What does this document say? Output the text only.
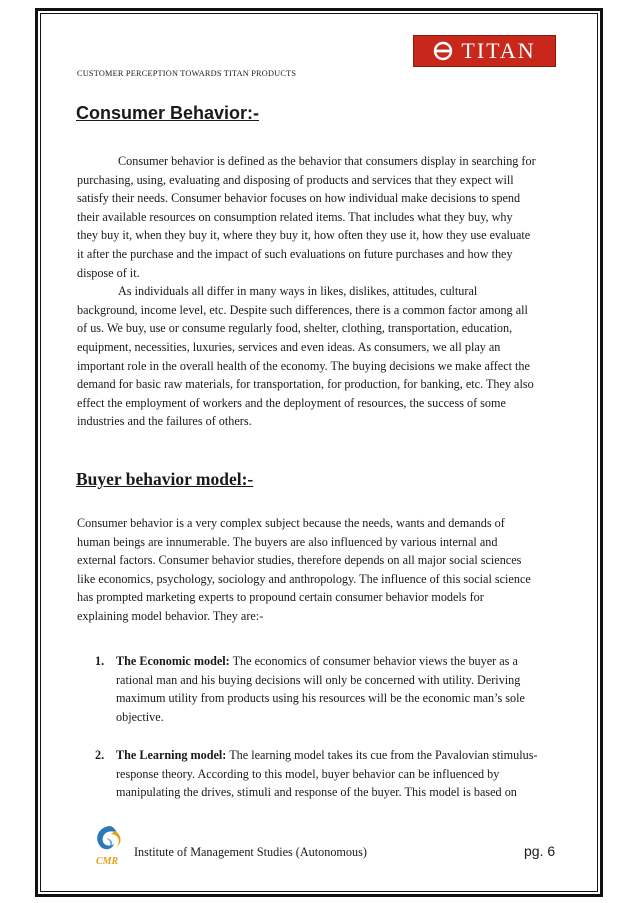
TITAN
CUSTOMER PERCEPTION TOWARDS TITAN PRODUCTS
Consumer Behavior:-
Consumer behavior is defined as the behavior that consumers display in searching for
purchasing, using, evaluating and disposing of products and services that they expect will
satisfy their needs. Consumer behavior focuses on how individual make decisions to spend
their available resources on consumption related items. That includes what they buy, why
they buy it, when they buy it, where they buy it, how often they use it, how they use evaluate
it after the purchase and the impact of such evaluations on future purchases and how they
dispose of it.
As individuals all differ in many ways in likes, dislikes, attitudes, cultural
background, income level, etc. Despite such differences, there is a common factor among all
of us. We buy, use or consume regularly food, shelter, clothing, transportation, education,
equipment, necessities, luxuries, services and even ideas. As consumers, we all play an
important role in the overall health of the economy. The buying decisions we make affect the
demand for basic raw materials, for transportation, for production, for banking, etc. They also
effect the employment of workers and the deployment of resources, the success of some
industries and the failures of others.
Buyer behavior model:-
Consumer behavior is a very complex subject because the needs, wants and demands of
human beings are innumerable. The buyers are also influenced by various internal and
external factors. Consumer behavior studies, therefore depends on all major social sciences
like economics, psychology, sociology and anthropology. The influence of this social science
has prompted marketing experts to propound certain consumer behavior models for
explaining model behavior. They are:-
1. The Economic model: The economics of consumer behavior views the buyer as a
rational man and his buying decisions will only be concerned with utility. Deriving
maximum utility from products using his resources will be the economic man’s sole
objective.
2. The Learning model: The learning model takes its cue from the Pavalovian stimulus-
response theory. According to this model, buyer behavior can be influenced by
manipulating the drives, stimuli and response of the buyer. This model is based on
CMR
Institute of Management Studies (Autonomous)	pg. 6
